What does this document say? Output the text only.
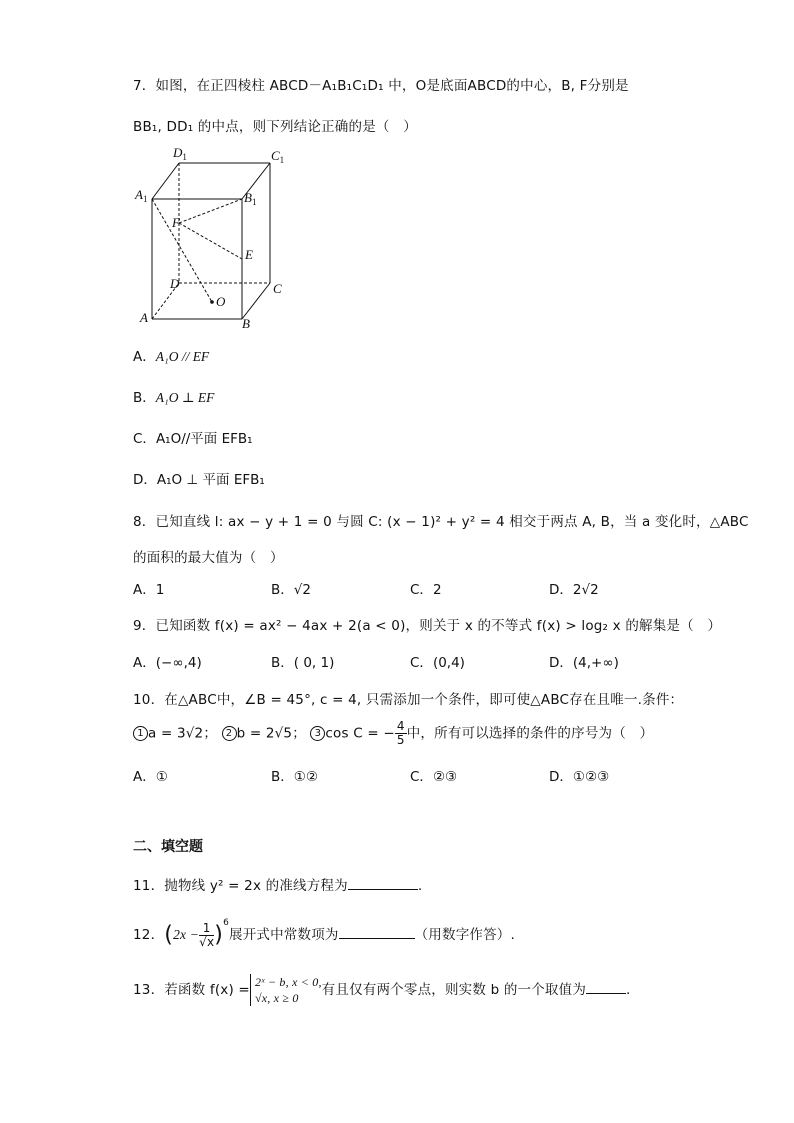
7．如图，在正四棱柱 ABCD－A₁B₁C₁D₁ 中，O是底面ABCD的中心，B, F分别是
BB₁, DD₁ 的中点，则下列结论正确的是（　）
$D_1$	$C_1$
$A_1$	$B_1$
F
E
D	C
O
A	B
A．A₁O // EF
B．A₁O ⊥ EF
C．A₁O//平面 EFB₁
D．A₁O ⊥ 平面 EFB₁
8．已知直线 l: ax − y + 1 = 0 与圆 C: (x − 1)² + y² = 4 相交于两点 A, B，当 a 变化时，△ABC
的面积的最大值为（　）
A．1	B．√2	C．2	D．2√2
9．已知函数 f(x) = ax² − 4ax + 2(a < 0)，则关于 x 的不等式 f(x) > log₂ x 的解集是（　）
A．(−∞,4)	B．( 0, 1)	C．(0,4)	D．(4,+∞)
10．在△ABC中，∠B = 45°, c = 4, 只需添加一个条件，即可使△ABC存在且唯一.条件：
1 a = 3√2； 2 b = 2√5； 3 cos C = − $\frac{4}{5}$ 中，所有可以选择的条件的序号为（　）
A．①	B．①②	C．②③	D．①②③
二、填空题
11．抛物线 y² = 2x 的准线方程为	.
12．$(2x - \frac{1}{√x} )^6$展开式中常数项为	（用数字作答）.
13．若函数 f(x) = 2ˣ − b, x < 0,
√x, x ≥ 0	有且仅有两个零点，则实数 b 的一个取值为	.
